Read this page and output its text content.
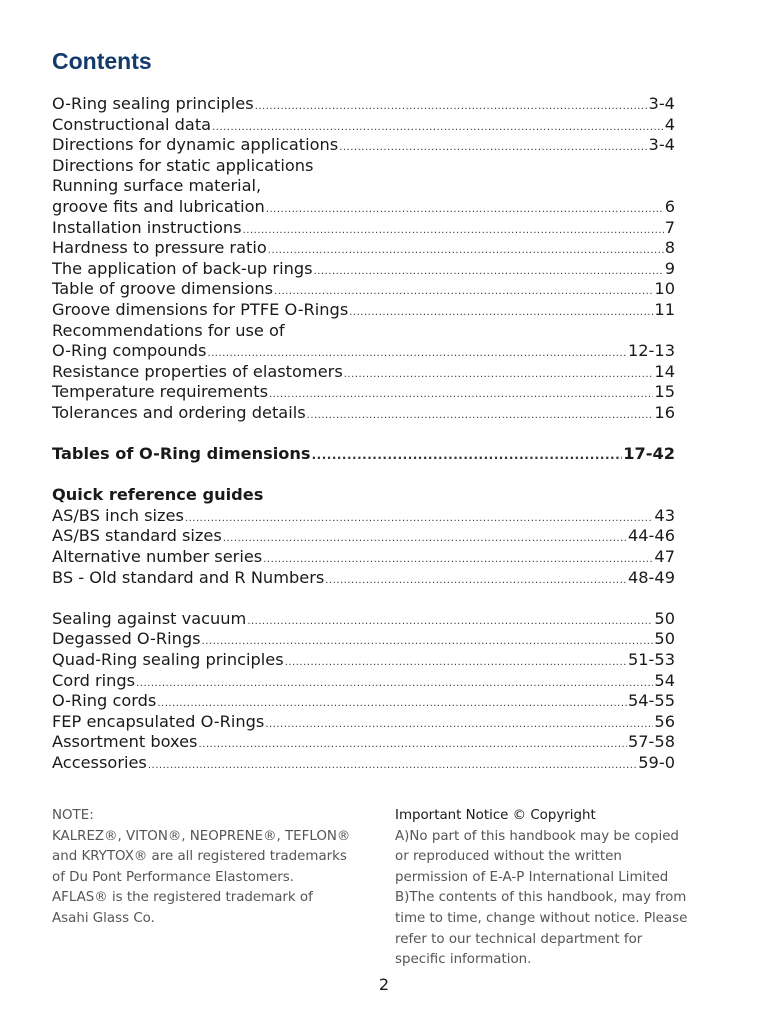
Contents
O-Ring sealing principles .....	3-4
Constructional data .....	4
Directions for dynamic applications .....	3-4
Directions for static applications
Running surface material,
groove fits and lubrication .....	6
Installation instructions .....	7
Hardness to pressure ratio .....	8
The application of back-up rings .....	9
Table of groove dimensions .....	10
Groove dimensions for PTFE O-Rings .....	11
Recommendations for use of
O-Ring compounds .....	12-13
Resistance properties of elastomers .....	14
Temperature requirements .....	15
Tolerances and ordering details .....	16
Tables of O-Ring dimensions .....	17-42
Quick reference guides
AS/BS inch sizes .....	43
AS/BS standard sizes .....	44-46
Alternative number series .....	47
BS - Old standard and R Numbers .....	48-49
Sealing against vacuum .....	50
Degassed O-Rings .....	50
Quad-Ring sealing principles .....	51-53
Cord rings .....	54
O-Ring cords .....	54-55
FEP encapsulated O-Rings .....	56
Assortment boxes .....	57-58
Accessories .....	59-0
NOTE:
KALREZ®, VITON®, NEOPRENE®, TEFLON®
and KRYTOX® are all registered trademarks
of Du Pont Performance Elastomers.
AFLAS® is the registered trademark of
Asahi Glass Co.
Important Notice © Copyright
A)No part of this handbook may be copied
or reproduced without the written
permission of E-A-P International Limited
B)The contents of this handbook, may from
time to time, change without notice. Please
refer to our technical department for
specific information.
2
